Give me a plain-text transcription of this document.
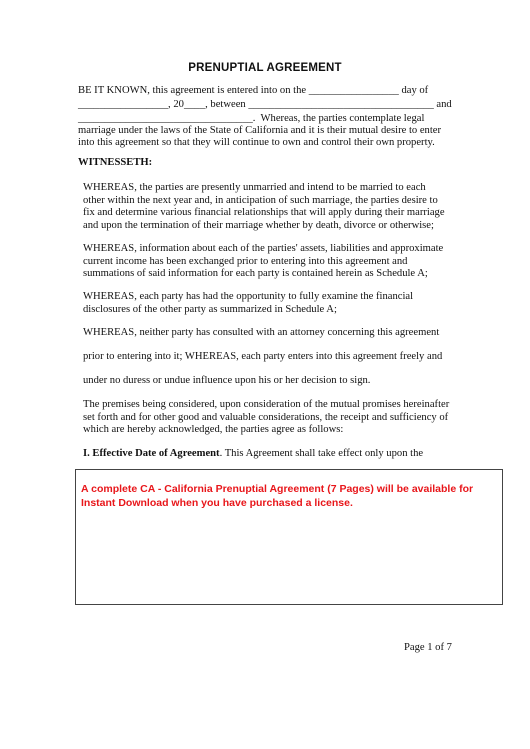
PRENUPTIAL AGREEMENT
BE IT KNOWN, this agreement is entered into on the _________________ day of
_________________, 20____, between ___________________________________ and
_________________________________.  Whereas, the parties contemplate legal
marriage under the laws of the State of California and it is their mutual desire to enter
into this agreement so that they will continue to own and control their own property.
WITNESSETH:
WHEREAS, the parties are presently unmarried and intend to be married to each
other within the next year and, in anticipation of such marriage, the parties desire to
fix and determine various financial relationships that will apply during their marriage
and upon the termination of their marriage whether by death, divorce or otherwise;
WHEREAS, information about each of the parties' assets, liabilities and approximate
current income has been exchanged prior to entering into this agreement and
summations of said information for each party is contained herein as Schedule A;
WHEREAS, each party has had the opportunity to fully examine the financial
disclosures of the other party as summarized in Schedule A;
WHEREAS, neither party has consulted with an attorney concerning this agreement
prior to entering into it; WHEREAS, each party enters into this agreement freely and
under no duress or undue influence upon his or her decision to sign.
The premises being considered, upon consideration of the mutual promises hereinafter
set forth and for other good and valuable considerations, the receipt and sufficiency of
which are hereby acknowledged, the parties agree as follows:
I. Effective Date of Agreement. This Agreement shall take effect only upon the
A complete CA - California Prenuptial Agreement (7 Pages) will be available for Instant Download when you have purchased a license.
Page 1 of 7
